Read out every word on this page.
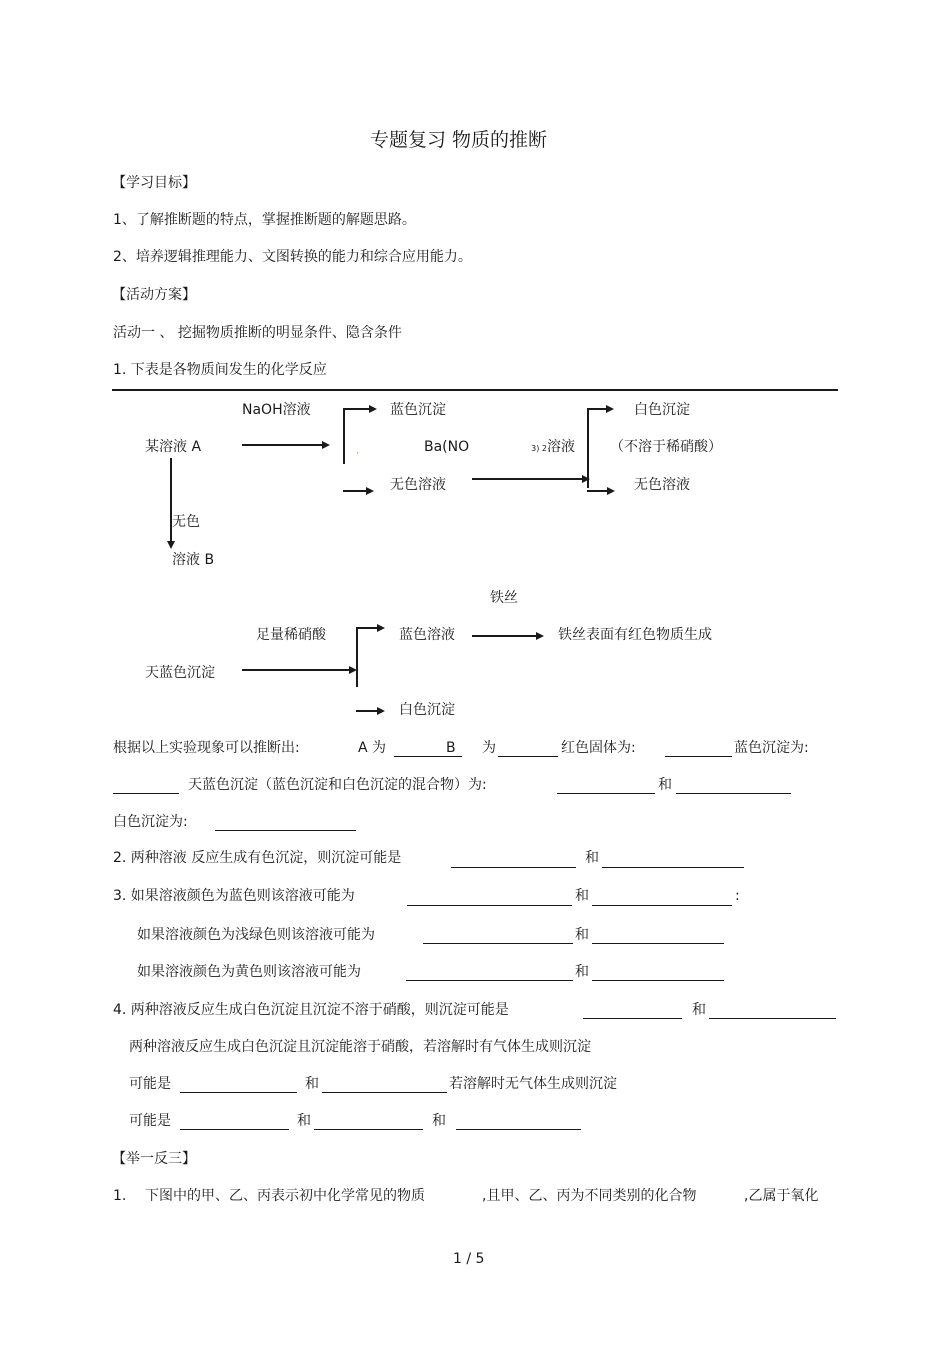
专题复习 物质的推断
【学习目标】
1、了解推断题的特点，掌握推断题的解题思路。
2、培养逻辑推理能力、文图转换的能力和综合应用能力。
【活动方案】
活动一 、 挖掘物质推断的明显条件、隐含条件
1. 下表是各物质间发生的化学反应
NaOH溶液
某溶液 A
蓝色沉淀
,	Ba(NO	3) 2溶液
无色溶液
白色沉淀
（不溶于稀硝酸）
无色溶液
无色
溶液 B
铁丝
足量稀硝酸	蓝色溶液	铁丝表面有红色物质生成
天蓝色沉淀
白色沉淀
根据以上实验现象可以推断出:	A 为	B 为	红色固体为:	蓝色沉淀为:
天蓝色沉淀（蓝色沉淀和白色沉淀的混合物）为:	和
白色沉淀为:
2. 两种溶液 反应生成有色沉淀，则沉淀可能是	和
3. 如果溶液颜色为蓝色则该溶液可能为	和	:
如果溶液颜色为浅绿色则该溶液可能为	和
如果溶液颜色为黄色则该溶液可能为	和
4. 两种溶液反应生成白色沉淀且沉淀不溶于硝酸，则沉淀可能是	和
两种溶液反应生成白色沉淀且沉淀能溶于硝酸，若溶解时有气体生成则沉淀
可能是	和	若溶解时无气体生成则沉淀
可能是	和	和
【举一反三】
1. 下图中的甲、乙、丙表示初中化学常见的物质	,且甲、乙、丙为不同类别的化合物	,乙属于氧化
1 / 5
